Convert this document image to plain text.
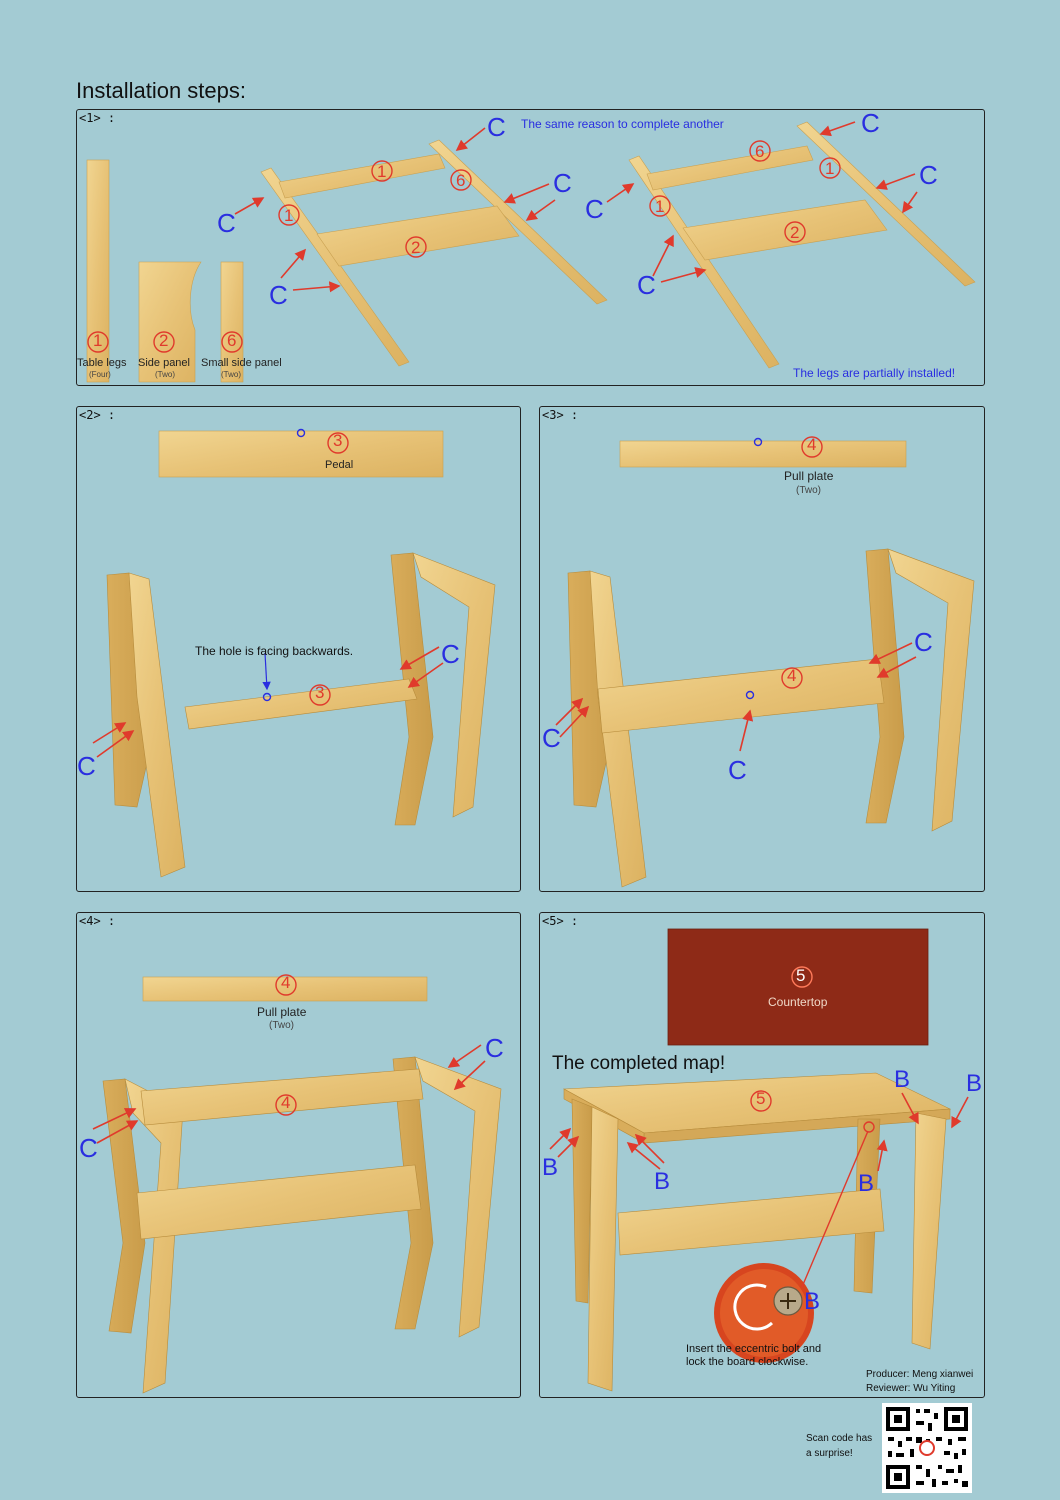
Installation steps:
<1> :	The same reason to complete another
The legs are partially installed!
C
C
C
C
C
C
C
C
1	6
1
2
6
1
1
2
1	2	6
Table legs
(Four)
Side panel
(Two)
Small side panel
(Two)
<2> :
C
C
3
Pedal
The hole is facing backwards.
3
<3> :
C
C
C
4
Pull plate
(Two)
4
<4> :
C
C
4
Pull plate
(Two)
4
<5> :
B
B
B	B
B B
5
Countertop
The completed map!
5
Insert the eccentric bolt and
lock the board clockwise.
Producer: Meng xianwei
Reviewer: Wu Yiting
Scan code has
a surprise!
